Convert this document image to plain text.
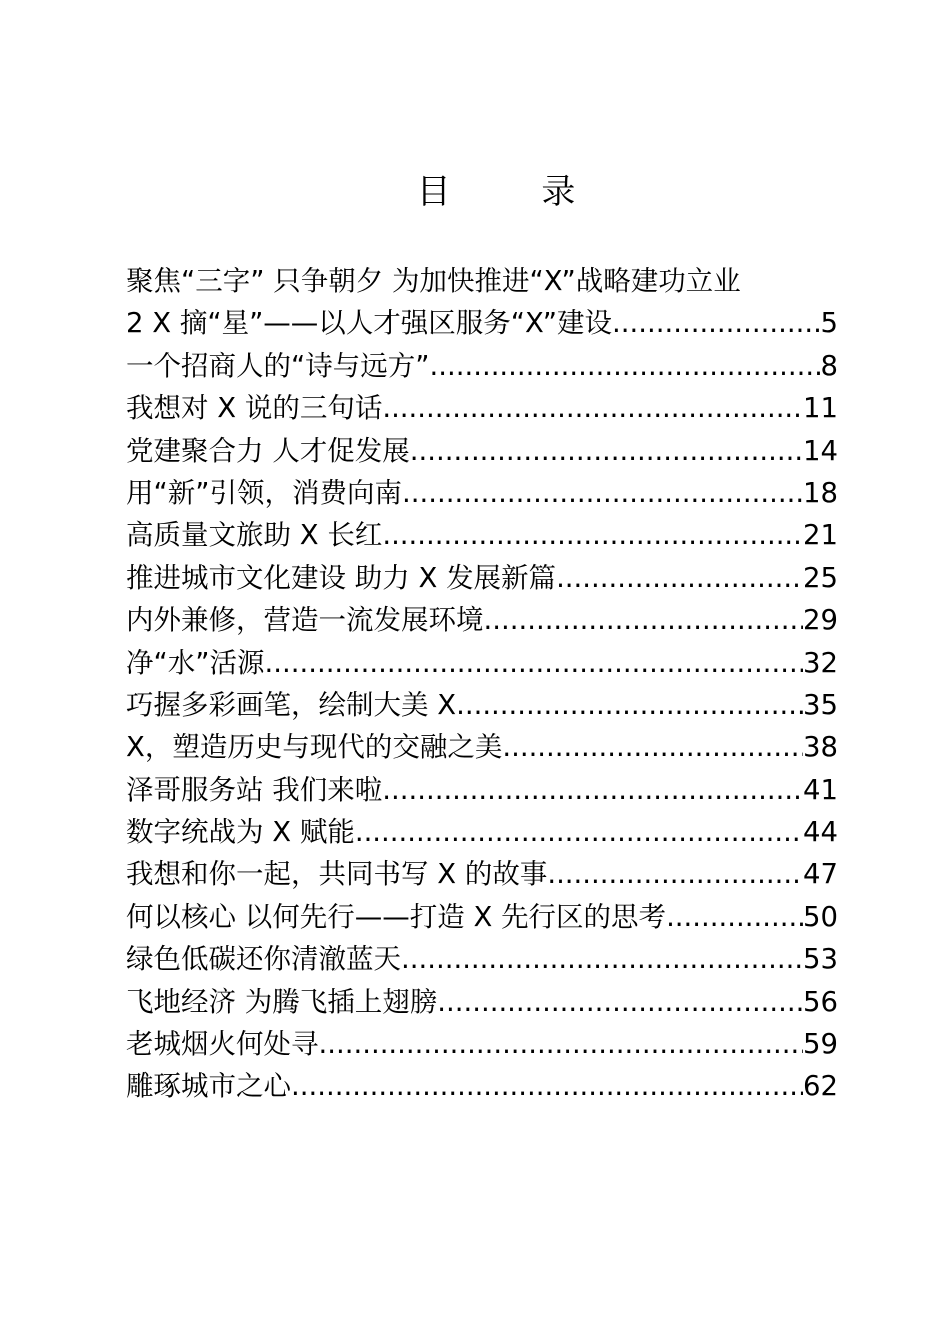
目 录
聚焦“三字” 只争朝夕 为加快推进“X”战略建功立业
2 X 摘“星”——以人才强区服务“X”建设 .....	5
一个招商人的“诗与远方” .....	8
我想对 X 说的三句话 .....	11
党建聚合力 人才促发展 .....	14
用“新”引领，消费向南 .....	18
高质量文旅助 X 长红 .....	21
推进城市文化建设 助力 X 发展新篇 .....	25
内外兼修，营造一流发展环境 .....	29
净“水”活源 .....	32
巧握多彩画笔，绘制大美 X .....	35
X，塑造历史与现代的交融之美 .....	38
泽哥服务站 我们来啦 .....	41
数字统战为 X 赋能 .....	44
我想和你一起，共同书写 X 的故事 .....	47
何以核心 以何先行——打造 X 先行区的思考 .....	50
绿色低碳还你清澈蓝天 .....	53
飞地经济 为腾飞插上翅膀 .....	56
老城烟火何处寻 .....	59
雕琢城市之心 .....	62
